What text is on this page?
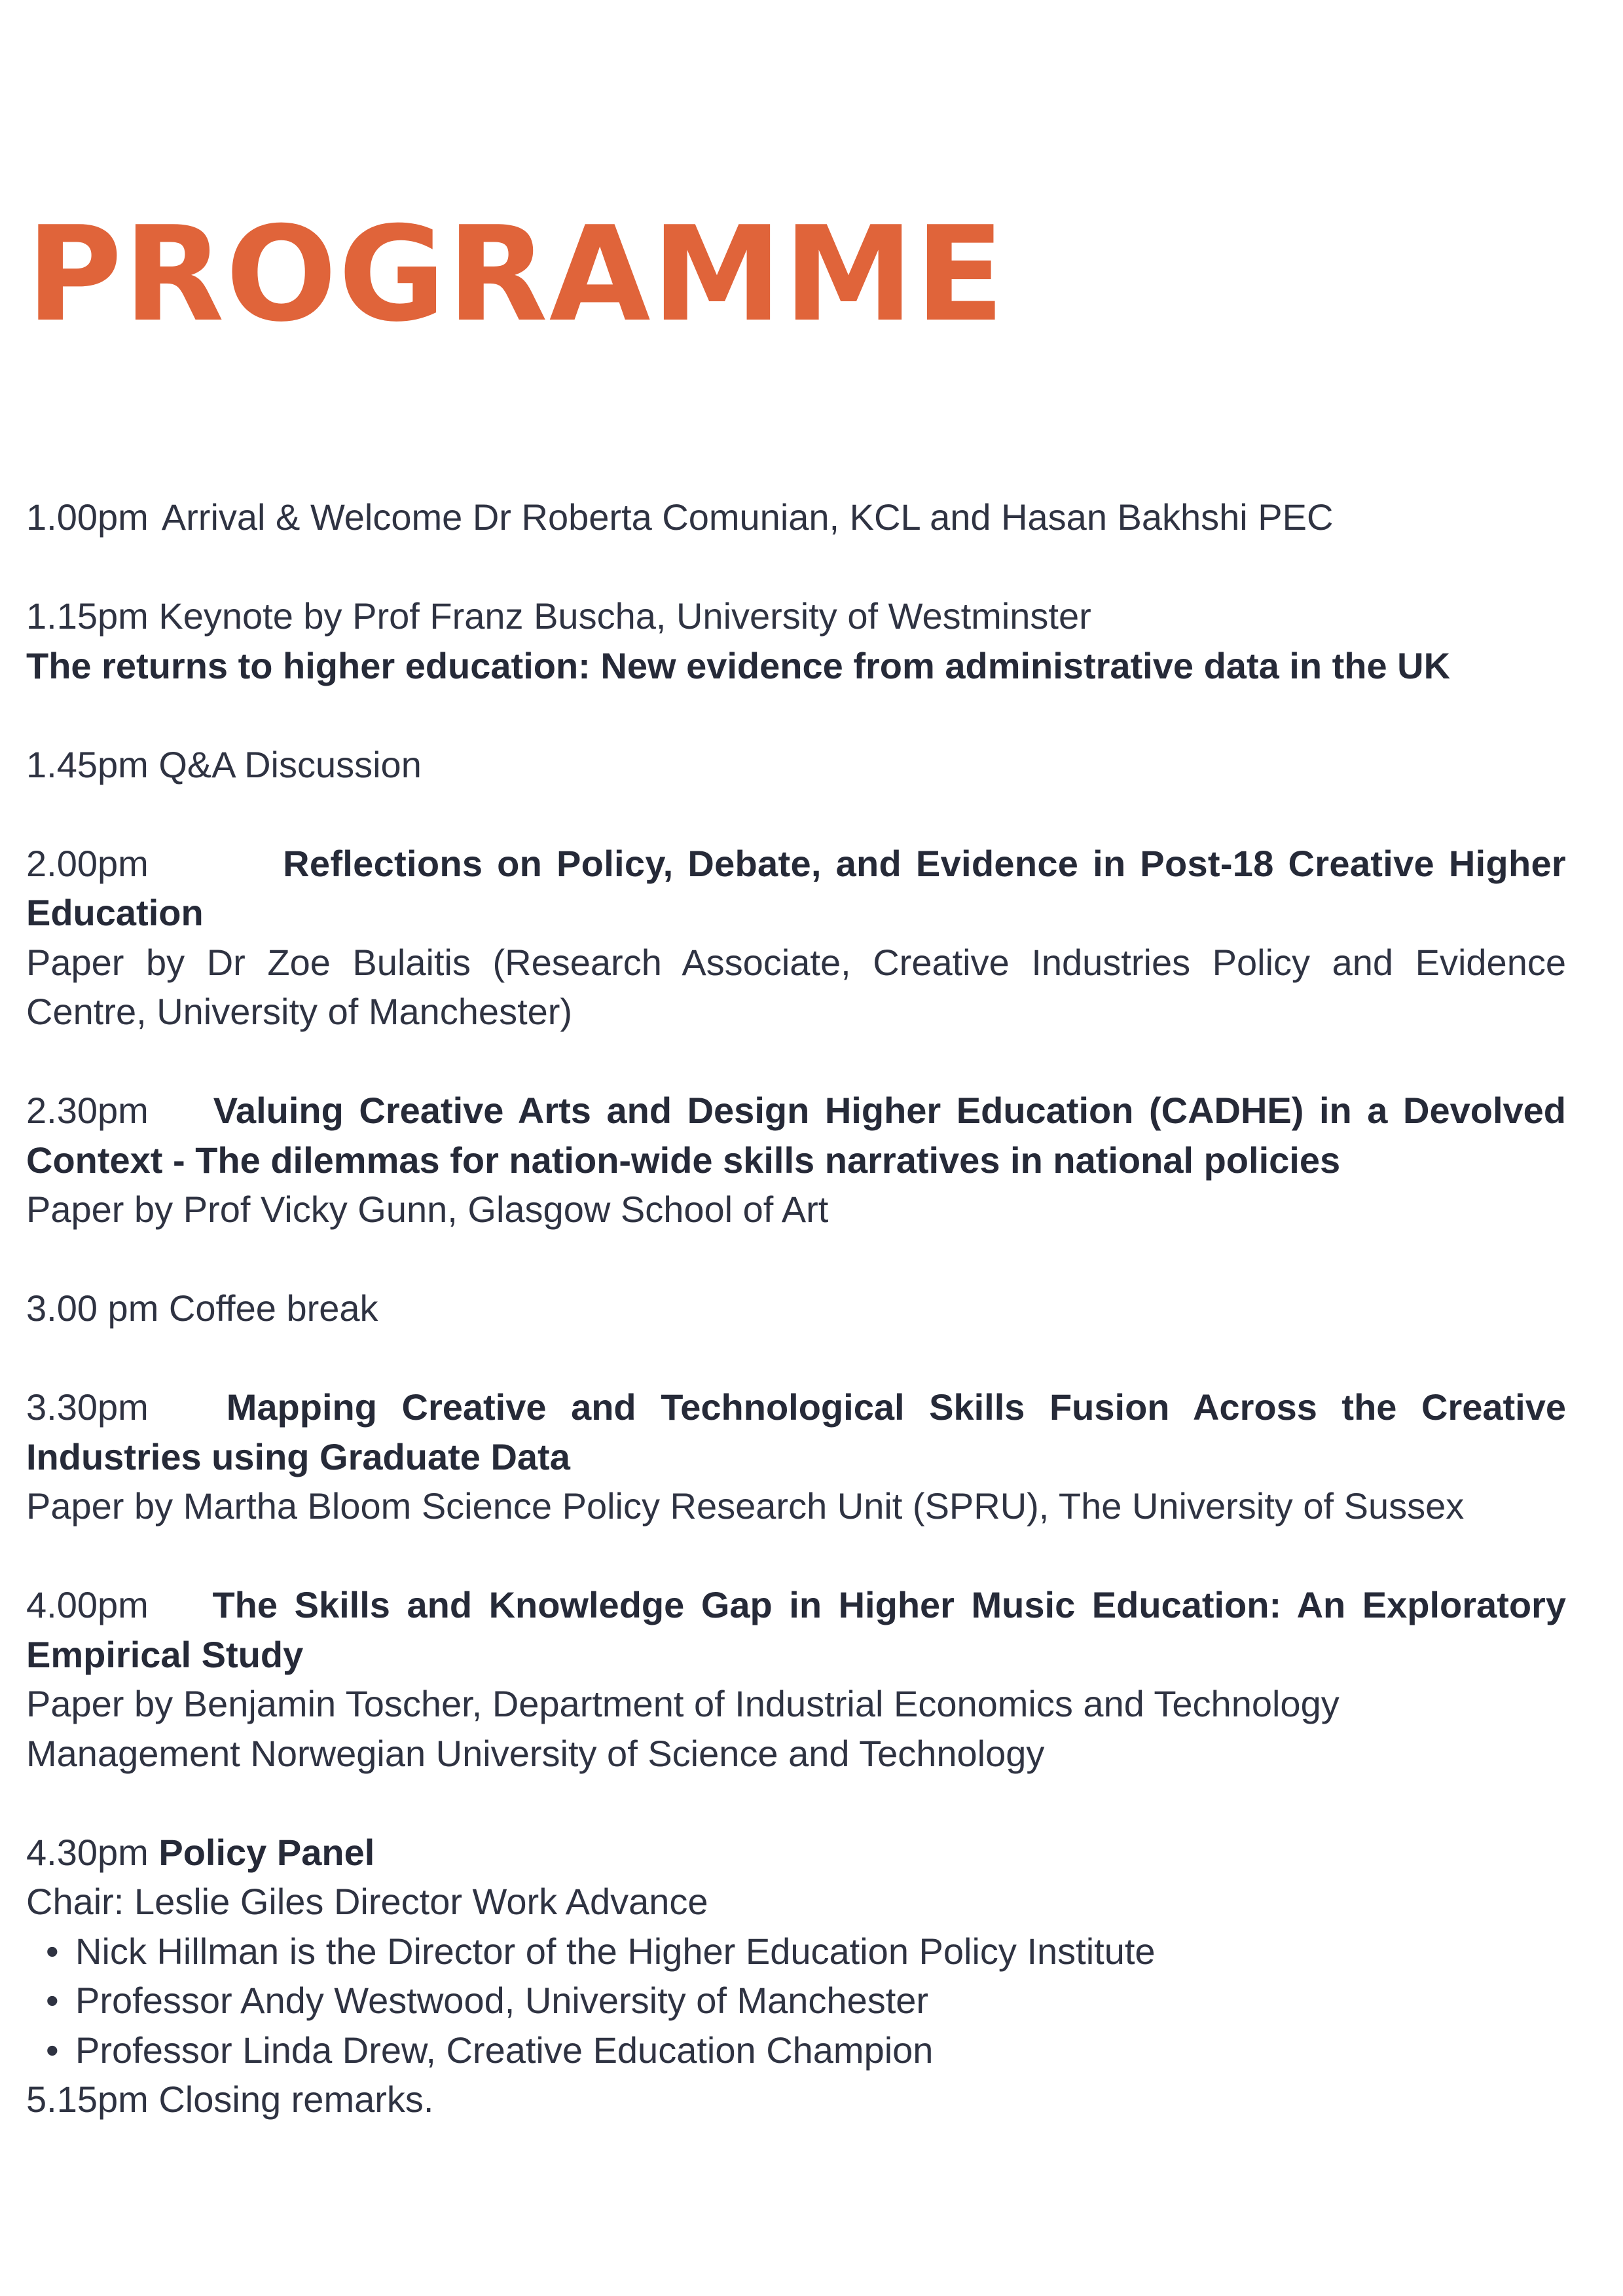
PROGRAMME
1.00pm Arrival & Welcome Dr Roberta Comunian, KCL and Hasan Bakhshi PEC
1.15pm Keynote by Prof Franz Buscha, University of Westminster
The returns to higher education: New evidence from administrative data in the UK
1.45pm Q&A Discussion
2.00pm	Reflections on Policy, Debate, and Evidence in Post-18 Creative Higher
Education
Paper by Dr Zoe Bulaitis (Research Associate, Creative Industries Policy and Evidence Centre, University of Manchester)
2.30pm Valuing Creative Arts and Design Higher Education (CADHE) in a Devolved
Context - The dilemmas for nation-wide skills narratives in national policies
Paper by Prof Vicky Gunn, Glasgow School of Art
3.00 pm Coffee break
3.30pm Mapping Creative and Technological Skills Fusion Across the Creative
Industries using Graduate Data
Paper by Martha Bloom Science Policy Research Unit (SPRU), The University of Sussex
4.00pm The Skills and Knowledge Gap in Higher Music Education: An Exploratory
Empirical Study
Paper by Benjamin Toscher, Department of Industrial Economics and Technology
Management Norwegian University of Science and Technology
4.30pm Policy Panel
Chair: Leslie Giles Director Work Advance
• Nick Hillman is the Director of the Higher Education Policy Institute
• Professor Andy Westwood, University of Manchester
• Professor Linda Drew, Creative Education Champion
5.15pm Closing remarks.
